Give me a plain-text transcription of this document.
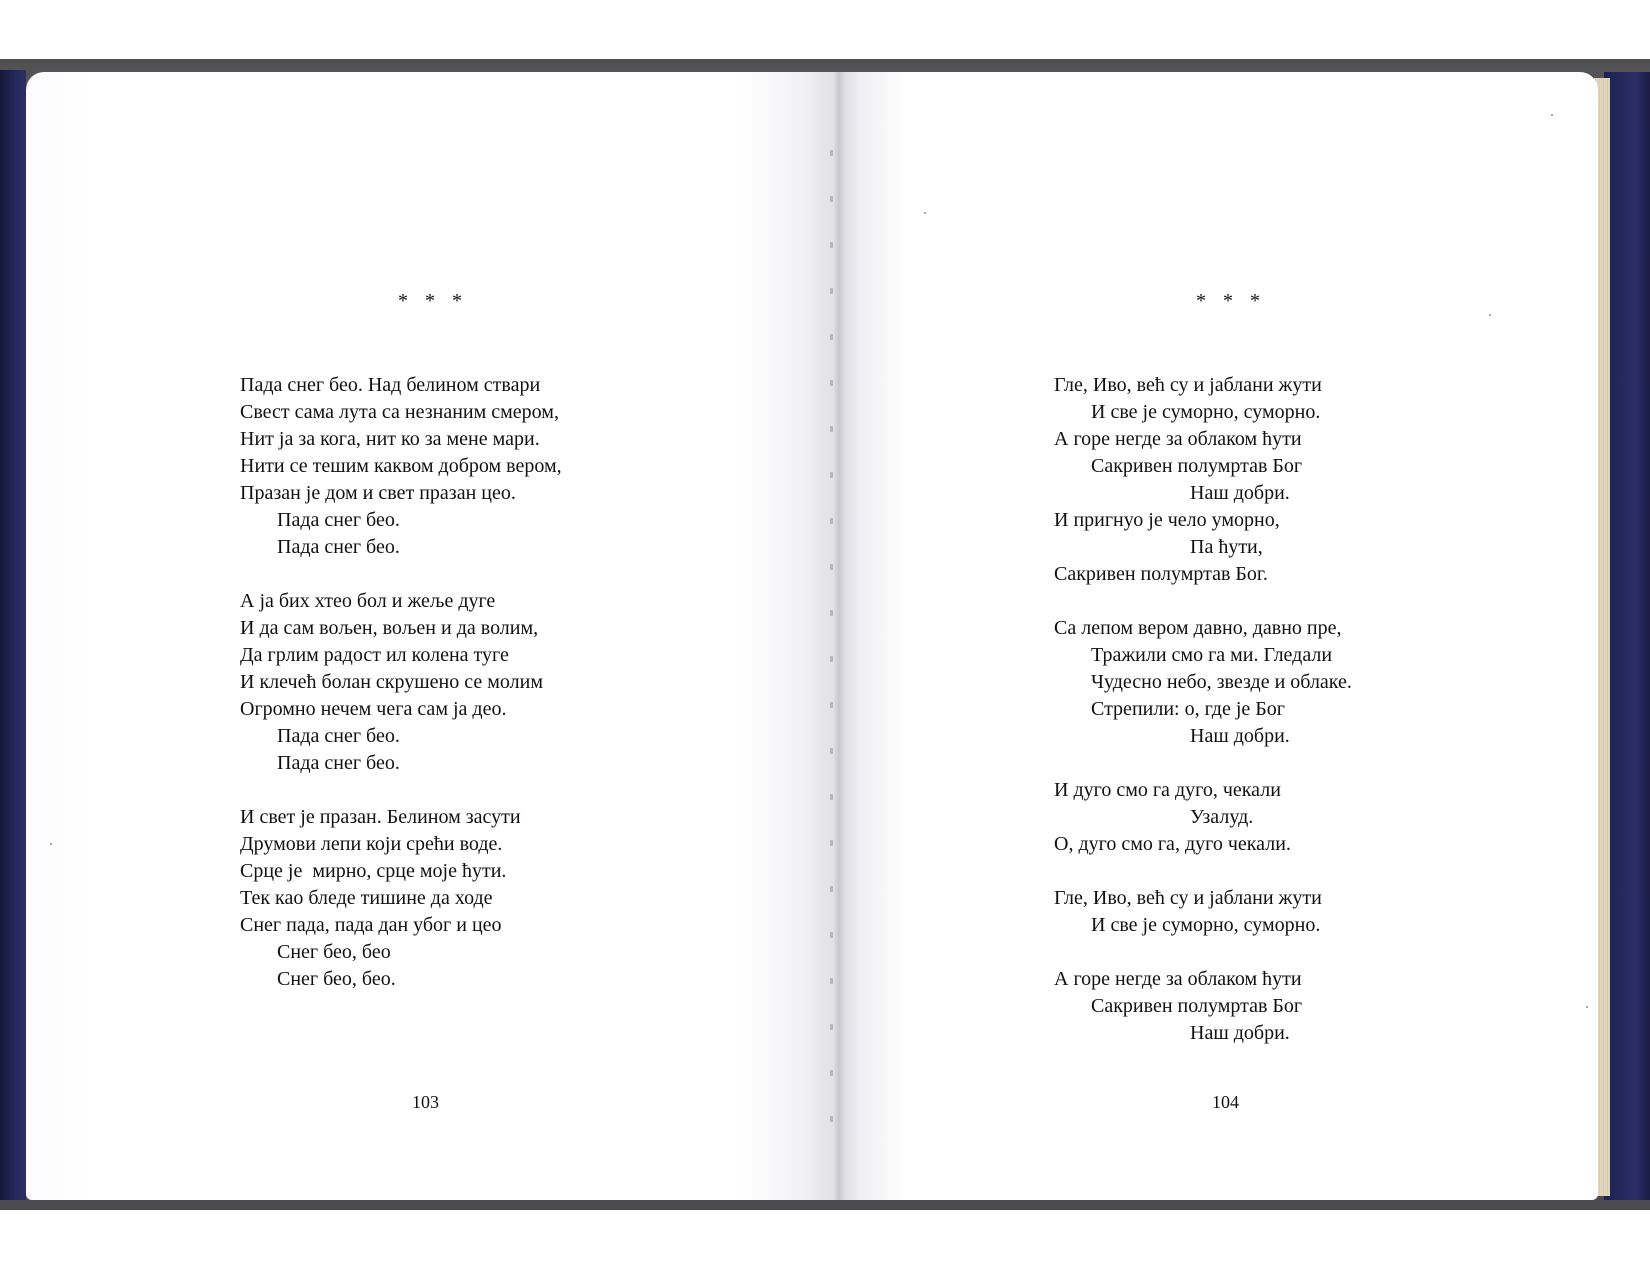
* * *
Пада снег бео. Над белином ствари
Свест сама лута са незнаним смером,
Нит ја за кога, нит ко за мене мари.
Нити се тешим каквом добром вером,
Празан је дом и свет празан цео.
Пада снег бео.
Пада снег бео.
А ја бих хтео бол и жеље дуге
И да сам вољен, вољен и да волим,
Да грлим радост ил колена туге
И клечећ болан скрушено се молим
Огромно нечем чега сам ја део.
Пада снег бео.
Пада снег бео.
И свет је празан. Белином засути
Друмови лепи који срећи воде.
Срце је  мирно, срце моје ћути.
Тек као бледе тишине да ходе
Снег пада, пада дан убог и цео
Снег бео, бео
Снег бео, бео.
103
* * *
Гле, Иво, већ су и јаблани жути
И све је суморно, суморно.
А горе негде за облаком ћути
Сакривен полумртав Бог
Наш добри.
И пригнуо је чело уморно,
Па ћути,
Сакривен полумртав Бог.
Са лепом вером давно, давно пре,
Тражили смо га ми. Гледали
Чудесно небо, звезде и облаке.
Стрепили: о, где је Бог
Наш добри.
И дуго смо га дуго, чекали
Узалуд.
О, дуго смо га, дуго чекали.
Гле, Иво, већ су и јаблани жути
И све је суморно, суморно.
А горе негде за облаком ћути
Сакривен полумртав Бог
Наш добри.
104
